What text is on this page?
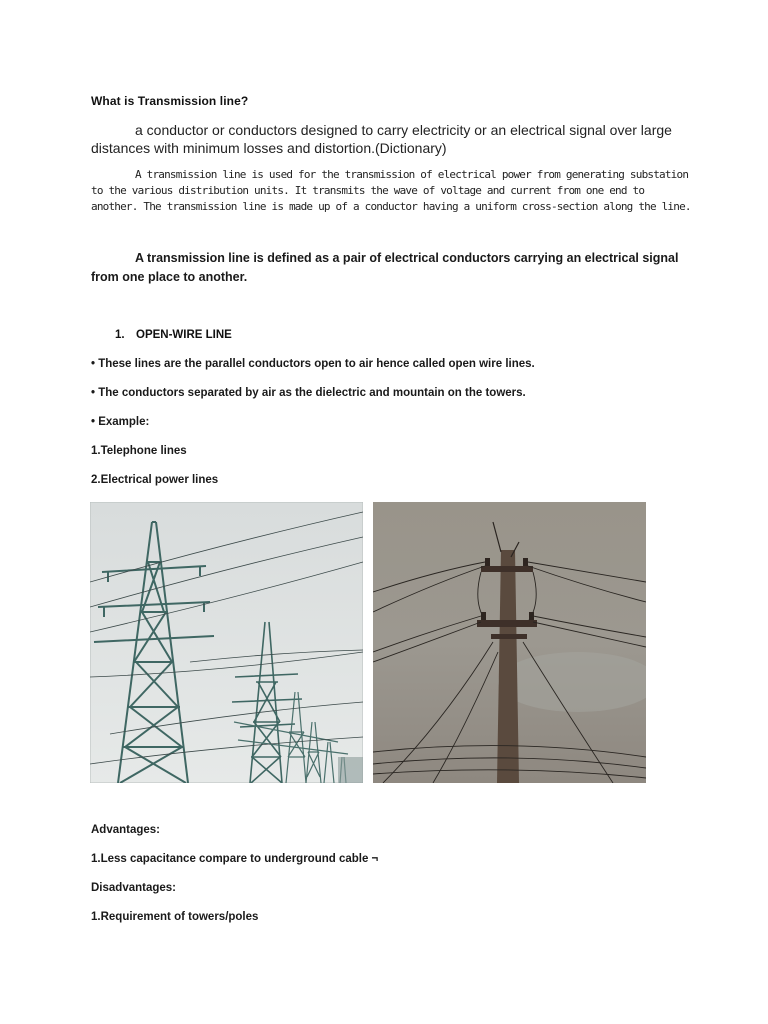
What is Transmission line?
a conductor or conductors designed to carry electricity or an electrical signal over large distances with minimum losses and distortion.(Dictionary)
A transmission line is used for the transmission of electrical power from generating substation to the various distribution units. It transmits the wave of voltage and current from one end to another. The transmission line is made up of a conductor having a uniform cross-section along the line.
A transmission line is defined as a pair of electrical conductors carrying an electrical signal from one place to another.
1. OPEN-WIRE LINE
• These lines are the parallel conductors open to air hence called open wire lines.
• The conductors separated by air as the dielectric and mountain on the towers.
• Example:
1.Telephone lines
2.Electrical power lines
Advantages:
1.Less capacitance compare to underground cable ¬
Disadvantages:
1.Requirement of towers/poles
